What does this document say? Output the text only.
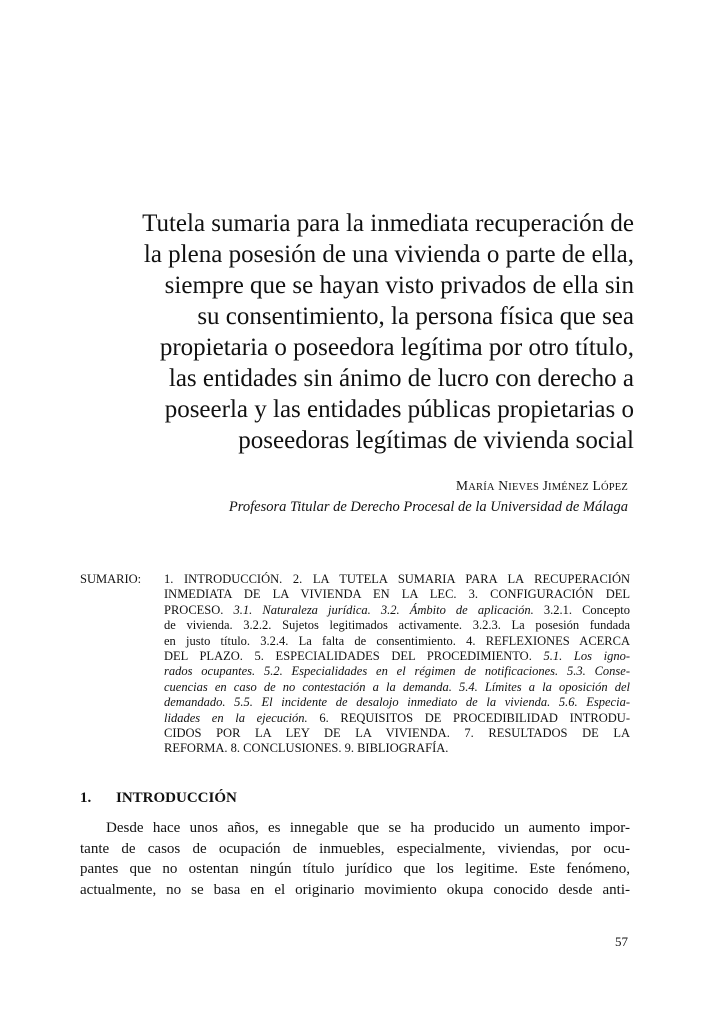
Tutela sumaria para la inmediata recuperación de
la plena posesión de una vivienda o parte de ella,
siempre que se hayan visto privados de ella sin
su consentimiento, la persona física que sea
propietaria o poseedora legítima por otro título,
las entidades sin ánimo de lucro con derecho a
poseerla y las entidades públicas propietarias o
poseedoras legítimas de vivienda social
MARÍA NIEVES JIMÉNEZ LÓPEZ
Profesora Titular de Derecho Procesal de la Universidad de Málaga
SUMARIO: 1. INTRODUCCIÓN. 2. LA TUTELA SUMARIA PARA LA RECUPERACIÓN
INMEDIATA DE LA VIVIENDA EN LA LEC. 3. CONFIGURACIÓN DEL
PROCESO. 3.1. Naturaleza jurídica. 3.2. Ámbito de aplicación. 3.2.1. Concepto
de vivienda. 3.2.2. Sujetos legitimados activamente. 3.2.3. La posesión fundada
en justo título. 3.2.4. La falta de consentimiento. 4. REFLEXIONES ACERCA
DEL PLAZO. 5. ESPECIALIDADES DEL PROCEDIMIENTO. 5.1. Los igno-
rados ocupantes. 5.2. Especialidades en el régimen de notificaciones. 5.3. Conse-
cuencias en caso de no contestación a la demanda. 5.4. Límites a la oposición del
demandado. 5.5. El incidente de desalojo inmediato de la vivienda. 5.6. Especia-
lidades en la ejecución. 6. REQUISITOS DE PROCEDIBILIDAD INTRODU-
CIDOS POR LA LEY DE LA VIVIENDA. 7. RESULTADOS DE LA
REFORMA. 8. CONCLUSIONES. 9. BIBLIOGRAFÍA.
1. INTRODUCCIÓN
Desde hace unos años, es innegable que se ha producido un aumento impor-
tante de casos de ocupación de inmuebles, especialmente, viviendas, por ocu-
pantes que no ostentan ningún título jurídico que los legitime. Este fenómeno,
actualmente, no se basa en el originario movimiento okupa conocido desde anti-
57
